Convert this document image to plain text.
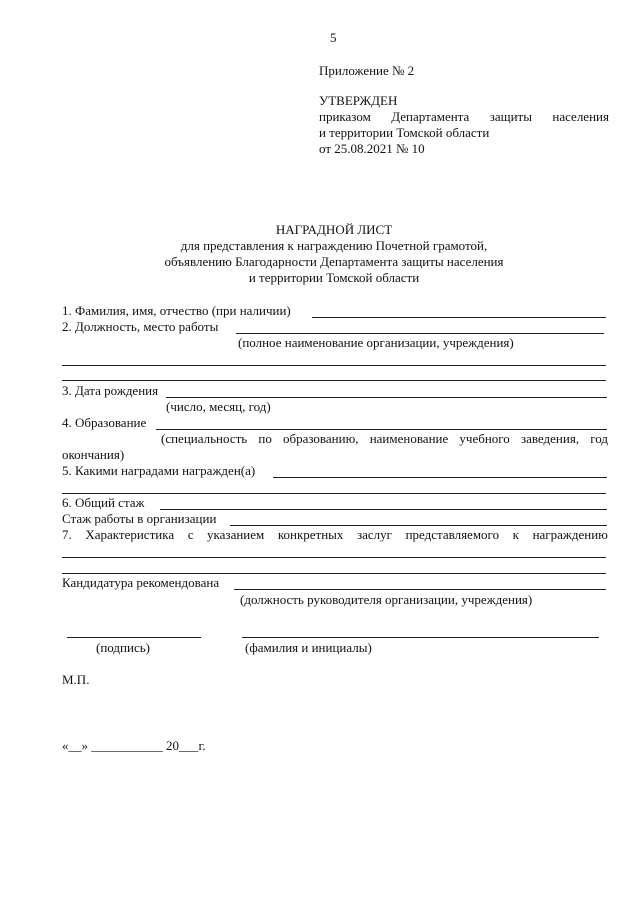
5
Приложение № 2
УТВЕРЖДЕН
приказом Департамента защиты населения
и территории Томской области
от 25.08.2021 № 10
НАГРАДНОЙ ЛИСТ
для представления к награждению Почетной грамотой,
объявлению Благодарности Департамента защиты населения
и территории Томской области
1. Фамилия, имя, отчество (при наличии)
2. Должность, место работы
(полное наименование организации, учреждения)
3. Дата рождения
(число, месяц, год)
4. Образование
(специальность по образованию, наименование учебного заведения, год
окончания)
5. Какими наградами награжден(а)
6. Общий стаж
Стаж работы в организации
7. Характеристика с указанием конкретных заслуг представляемого к награждению
Кандидатура рекомендована
(должность руководителя организации, учреждения)
(подпись)	(фамилия и инициалы)
М.П.
«__» ___________ 20___г.
